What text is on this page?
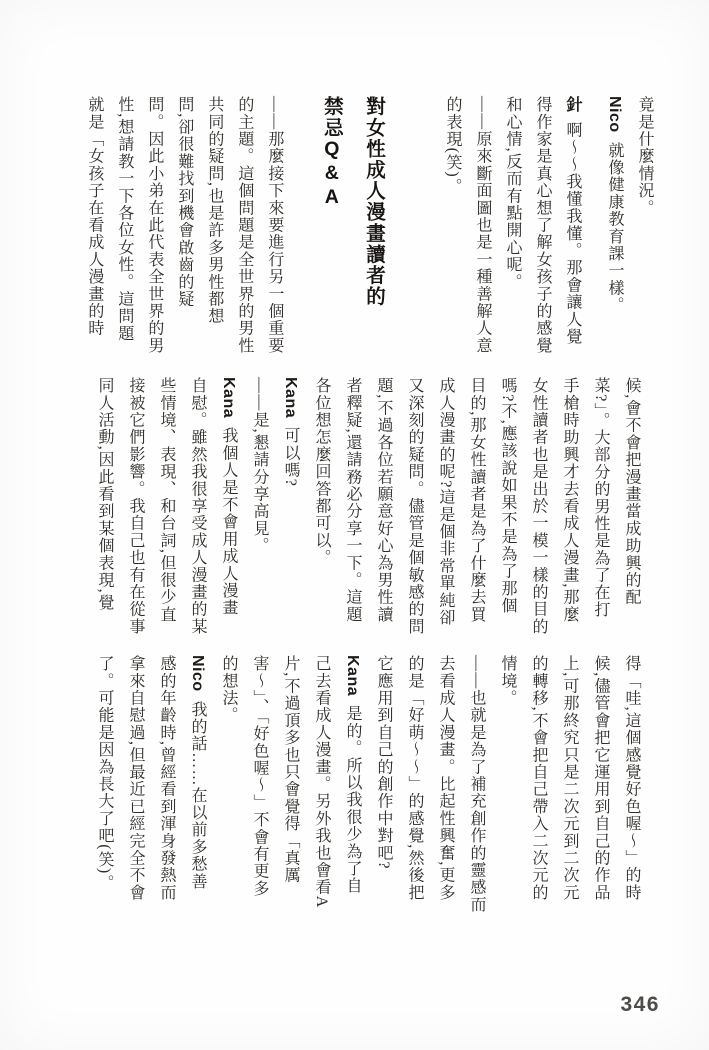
竟是什麼情況。
Nico就像健康教育課一樣。
針啊〜〜我懂我懂。那會讓人覺
得作家是真心想了解女孩子的感覺
和心情,反而有點開心呢。
——原來斷面圖也是一種善解人意
的表現(笑)。
對女性成人漫畫讀者的
禁忌Q&A
——那麼接下來要進行另一個重要
的主題。這個問題是全世界的男性
共同的疑問,也是許多男性都想
問,卻很難找到機會啟齒的疑
問。因此小弟在此代表全世界的男
性,想請教一下各位女性。這問題
就是「女孩子在看成人漫畫的時
候,會不會把漫畫當成助興的配
菜?」。大部分的男性是為了在打
手槍時助興才去看成人漫畫,那麼
女性讀者也是出於一模一樣的目的
嗎?不,應該說如果不是為了那個
目的,那女性讀者是為了什麼去買
成人漫畫的呢?這是個非常單純卻
又深刻的疑問。儘管是個敏感的問
題,不過各位若願意好心為男性讀
者釋疑,還請務必分享一下。這題
各位想怎麼回答都可以。
Kana可以嗎?
——是,懇請分享高見。
Kana我個人是不會用成人漫畫
自慰。雖然我很享受成人漫畫的某
些情境、表現、和台詞,但很少直
接被它們影響。我自己也有在從事
同人活動,因此看到某個表現,覺
得「哇,這個感覺好色喔〜」的時
候,儘管會把它運用到自己的作品
上,可那終究只是二次元到二次元
的轉移,不會把自己帶入二次元的
情境。
——也就是為了補充創作的靈感而
去看成人漫畫。比起性興奮,更多
的是「好萌〜〜」的感覺,然後把
它應用到自己的創作中對吧?
Kana是的。所以我很少為了自
己去看成人漫畫。另外我也會看A
片,不過頂多也只會覺得「真厲
害〜」、「好色喔〜」不會有更多
的想法。
Nico我的話……在以前多愁善
感的年齡時,曾經看到渾身發熱而
拿來自慰過,但最近已經完全不會
了。可能是因為長大了吧(笑)。
346
